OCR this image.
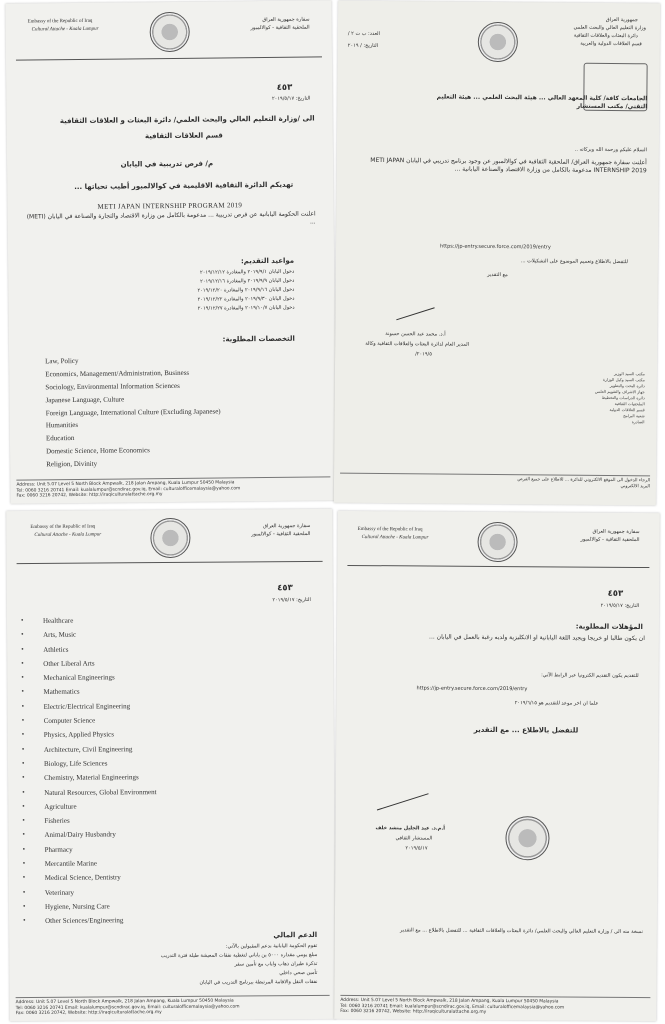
Embassy of the Republic of Iraq
Cultural Attache - Kuala Lumpur
سفارة جمهورية العراق
الملحقية الثقافية - كوالالمبور
٤٥٣
التاريخ: ٢٠١٩/٥/١٧
الى /وزارة التعليم العالي والبحث العلمي/ دائرة البعثات و العلاقات الثقافية
قسم العلاقات الثقافية
م/ فرص تدريبية في اليابان
تهديكم الدائرة الثقافية الاقليمية في كوالالمبور أطيب تحياتها ...
METI JAPAN INTERNSHIP PROGRAM 2019
اعلنت الحكومة اليابانية عن فرص تدريبية ... مدعومة بالكامل من وزارة الاقتصاد والتجارة والصناعة في اليابان (METI) ...
مواعيد التقديم:
دخول اليابان ٢٠١٩/٩/١ والمغادرة ٢٠١٩/١٢/١٢
دخول اليابان ٢٠١٩/٩/٩ والمغادرة ٢٠١٩/١٢/١٦
دخول اليابان ٢٠١٩/٩/١٦ والمغادرة ٢٠١٩/١٢/٢٠
دخول اليابان ٢٠١٩/٩/٣٠ والمغادرة ٢٠١٩/١٢/٢٢
دخول اليابان ٢٠١٩/١٠/٧ والمغادرة ٢٠١٩/١٢/٢٧
التخصصات المطلوبة:
Law, Policy
Economics, Management/Administration, Business
Sociology, Environmental Information Sciences
Japanese Language, Culture
Foreign Language, International Culture (Excluding Japanese)
Humanities
Education
Domestic Science, Home Economics
Religion, Divinity
Address: Unit 5.07 Level 5 North Block Ampwalk, 218 Jalan Ampang, Kuala Lumpur 50450 Malaysia
Tel: 0060 3216 20741 Email: kualalumpur@scndirac.gov.iq, Email: culturalofficemalaysia@yahoo.com
Fax: 0060 3216 20742, Website: http://iraqiculturalattache.org.my
جمهورية العراق
وزارة التعليم العالي والبحث العلمي
دائرة البعثات والعلاقات الثقافية
قسم العلاقات الدولية والعربية
العدد: ب ت ٢ /
التاريخ: / ٢٠١٩
الجامعات كافة/ كلية المعهد العالي ... هيئة البحث العلمي ... هيئة التعليم التقني/ مكتب المستشار
السلام عليكم ورحمة الله وبركاته ..
أعلنت سفارة جمهورية العراق/ الملحقية الثقافية في كوالالمبور عن وجود برنامج تدريبي في اليابان METI JAPAN INTERNSHIP 2019 مدعومة بالكامل من وزارة الاقتصاد والصناعة اليابانية ...
https://jp-entry.secure.force.com/2019/entry
للتفضل بالاطلاع وتعميم الموضوع على التشكيلات ...
مع التقدير
أ.د. محمد عبد الحسن حسونة
المدير العام لدائرة البعثات والعلاقات الثقافية وكالة
٢٠١٩/٥/
مكتب السيد الوزير
مكتب السيد وكيل الوزارة
دائرة البحث والتطوير
جهاز الاشراف والتقويم العلمي
دائرة الدراسات والتخطيط
الملحقيات الثقافية
قسم العلاقات الدولية
شعبة البرامج
الصادرة
الرجاء الدخول الى الموقع الالكتروني للدائرة ... للاطلاع على جميع الفرص
البريد الالكتروني
Embassy of the Republic of Iraq
Cultural Attache - Kuala Lumpur
سفارة جمهورية العراق
الملحقية الثقافية - كوالالمبور
٤٥٣
التاريخ: ٢٠١٩/٥/١٧
● Healthcare
● Arts, Music
● Athletics
● Other Liberal Arts
● Mechanical Engineerings
● Mathematics
● Electric/Electrical Engineering
● Computer Science
● Physics, Applied Physics
● Architecture, Civil Engineering
● Biology, Life Sciences
● Chemistry, Material Engineerings
● Natural Resources, Global Environment
● Agriculture
● Fisheries
● Animal/Dairy Husbandry
● Pharmacy
● Mercantile Marine
● Medical Science, Dentistry
● Veterinary
● Hygiene, Nursing Care
● Other Sciences/Engineering
الدعم المالي
تقوم الحكومة اليابانية بدعم المقبولين بالآتي:
مبلغ يومي مقداره ٥٠٠٠ ين ياباني لتغطية نفقات المعيشة طيلة فترة التدريب
تذكرة طيران ذهاب واياب مع تأمين سفر
تأمين صحي داخلي
نفقات النقل والاقامة المرتبطة ببرنامج التدريب في اليابان
Address: Unit 5.07 Level 5 North Block Ampwalk, 218 Jalan Ampang, Kuala Lumpur 50450 Malaysia
Tel: 0060 3216 20741 Email: kualalumpur@scndirac.gov.iq, Email: culturalofficemalaysia@yahoo.com
Fax: 0060 3216 20742, Website: http://iraqiculturalattache.org.my
Embassy of the Republic of Iraq
Cultural Attache - Kuala Lumpur
سفارة جمهورية العراق
الملحقية الثقافية - كوالالمبور
٤٥٣
التاريخ: ٢٠١٩/٥/١٧
المؤهلات المطلوبة:
ان يكون طالبا او خريجا ويجيد اللغة اليابانية او الانكليزية ولديه رغبة بالعمل في اليابان ...
للتقديم يكون التقديم الكترونيا عبر الرابط الآتي:
https://jp-entry.secure.force.com/2019/entry
علما ان اخر موعد للتقديم هو ٢٠١٩/٦/١٥
للتفضل بالاطلاع ... مع التقدير
أ.م.د. عبد الجليل منشد خلف
المستشار الثقافي
٢٠١٩/٥/١٧
نسخة منه الى / وزارة التعليم العالي والبحث العلمي/ دائرة البعثات والعلاقات الثقافية ... للتفضل بالاطلاع ... مع التقدير
Address: Unit 5.07 Level 5 North Block Ampwalk, 218 Jalan Ampang, Kuala Lumpur 50450 Malaysia
Tel: 0060 3216 20741 Email: kualalumpur@scndirac.gov.iq, Email: culturalofficemalaysia@yahoo.com
Fax: 0060 3216 20742, Website: http://iraqiculturalattache.org.my
